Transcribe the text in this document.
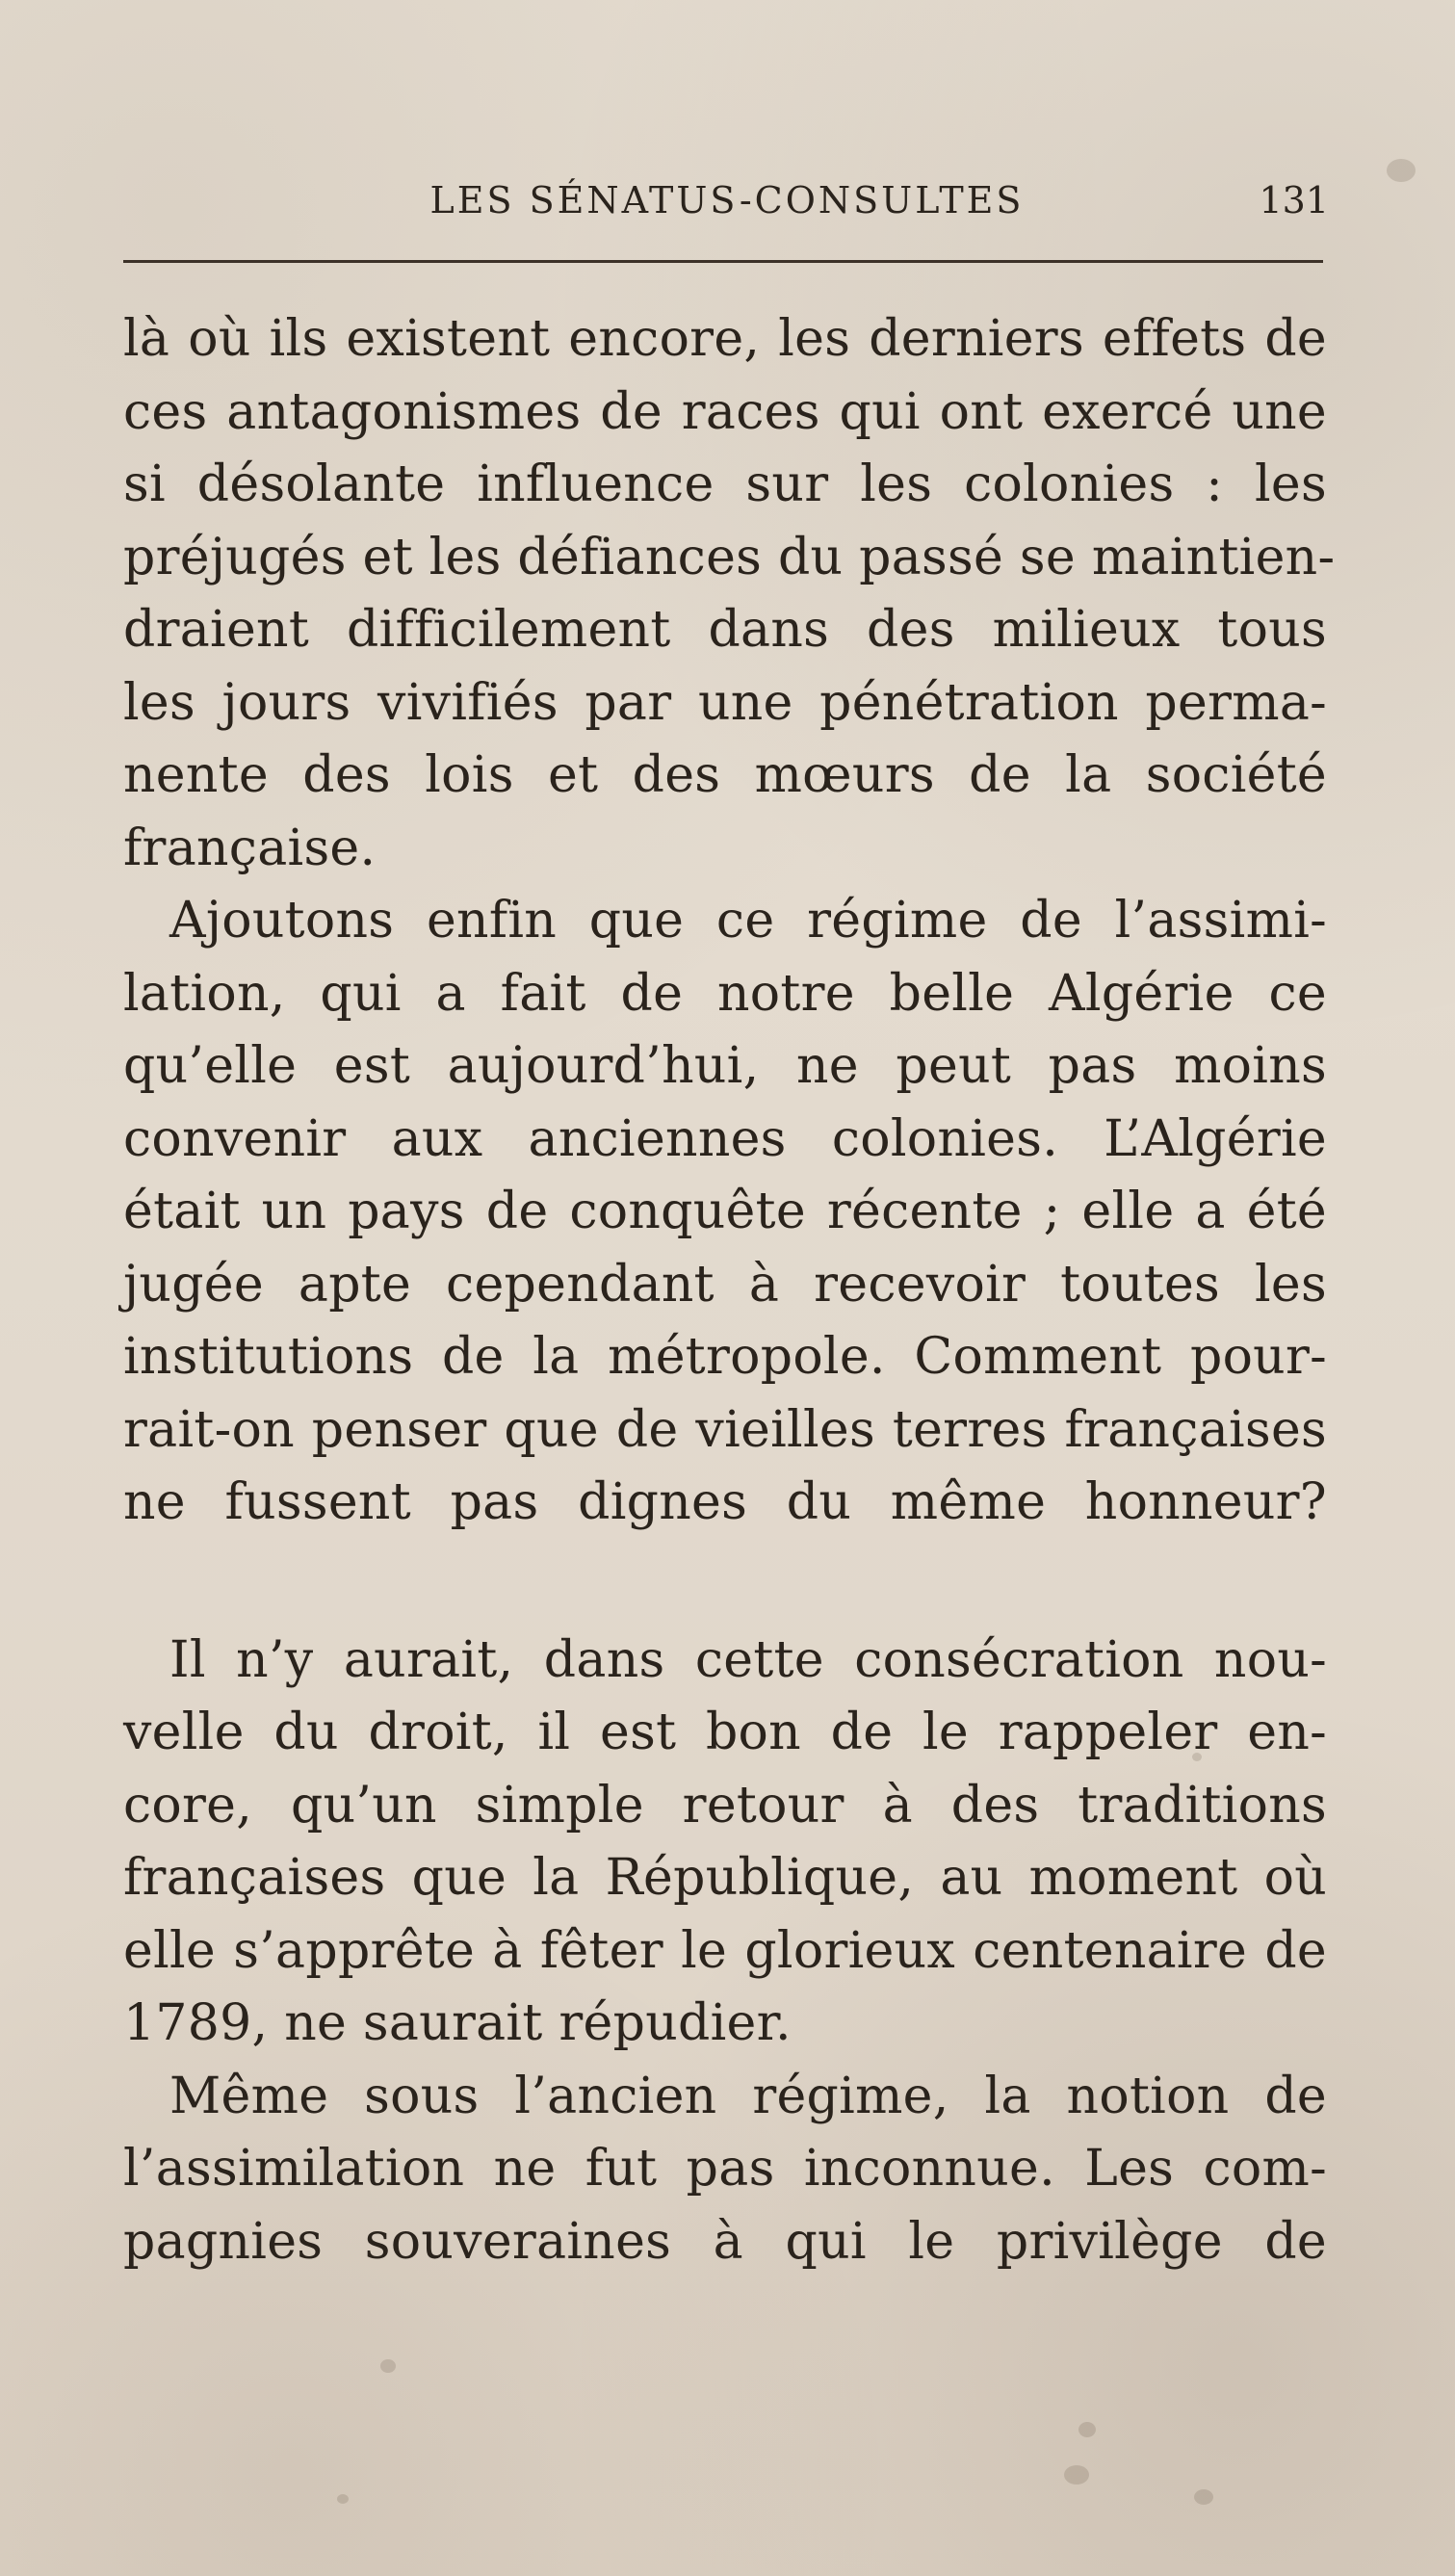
LES SÉNATUS-CONSULTES	131
là où ils existent encore, les derniers effets de
ces antagonismes de races qui ont exercé une
si désolante influence sur les colonies : les
préjugés et les défiances du passé se maintien-
draient difficilement dans des milieux tous
les jours vivifiés par une pénétration perma-
nente des lois et des mœurs de la société
française.
Ajoutons enfin que ce régime de l’assimi-
lation, qui a fait de notre belle Algérie ce
qu’elle est aujourd’hui, ne peut pas moins
convenir aux anciennes colonies. L’Algérie
était un pays de conquête récente ; elle a été
jugée apte cependant à recevoir toutes les
institutions de la métropole. Comment pour-
rait-on penser que de vieilles terres françaises
ne fussent pas dignes du même honneur?
Il n’y aurait, dans cette consécration nou-
velle du droit, il est bon de le rappeler en-
core, qu’un simple retour à des traditions
françaises que la République, au moment où
elle s’apprête à fêter le glorieux centenaire de
1789, ne saurait répudier.
Même sous l’ancien régime, la notion de
l’assimilation ne fut pas inconnue. Les com-
pagnies souveraines à qui le privilège de
